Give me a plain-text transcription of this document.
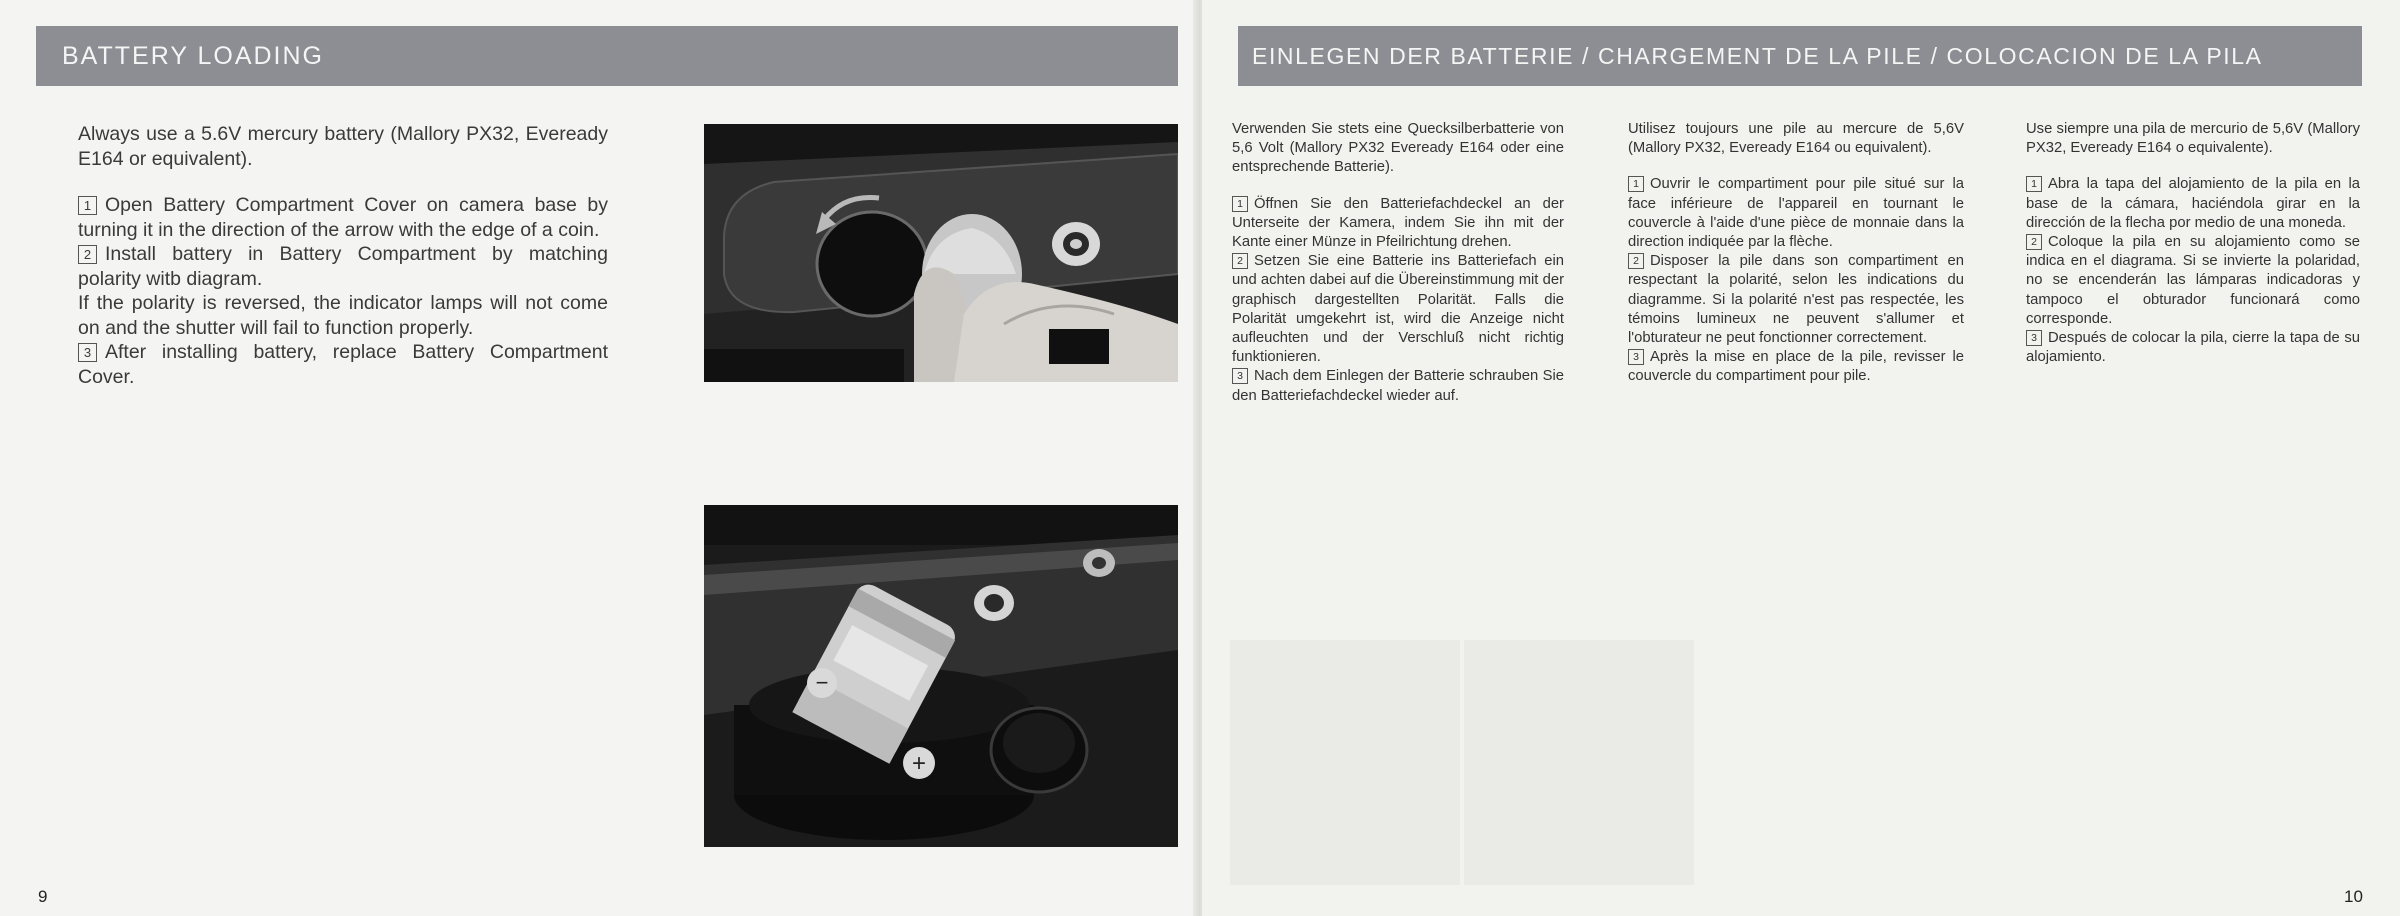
BATTERY LOADING

Always use a 5.6V mercury battery (Mallory PX32, Eveready E164 or equivalent).

1 Open Battery Compartment Cover on camera base by turning it in the direction of the arrow with the edge of a coin.
2 Install battery in Battery Compartment by matching polarity witb diagram.
If the polarity is reversed, the indicator lamps will not come on and the shutter will fail to function properly.
3 After installing battery, replace Battery Compartment Cover.
−
+
9
EINLEGEN DER BATTERIE / CHARGEMENT DE LA PILE / COLOCACION DE LA PILA

Verwenden Sie stets eine Quecksilberbatterie von 5,6 Volt (Mallory PX32 Eveready E164 oder eine entsprechende Batterie).

1 Öffnen Sie den Batteriefachdeckel an der Unterseite der Kamera, indem Sie ihn mit der Kante einer Münze in Pfeilrichtung drehen.
2 Setzen Sie eine Batterie ins Batteriefach ein und achten dabei auf die Übereinstimmung mit der graphisch dargestellten Polarität. Falls die Polarität umgekehrt ist, wird die Anzeige nicht aufleuchten und der Verschluß nicht richtig funktionieren.
3 Nach dem Einlegen der Batterie schrauben Sie den Batteriefachdeckel wieder auf.

Utilisez toujours une pile au mercure de 5,6V (Mallory PX32, Eveready E164 ou equivalent).

1 Ouvrir le compartiment pour pile situé sur la face inférieure de l'appareil en tournant le couvercle à l'aide d'une pièce de monnaie dans la direction indiquée par la flèche.
2 Disposer la pile dans son compartiment en respectant la polarité, selon les indications du diagramme. Si la polarité n'est pas respectée, les témoins lumineux ne peuvent s'allumer et l'obturateur ne peut fonctionner correctement.
3 Après la mise en place de la pile, revisser le couvercle du compartiment pour pile.

Use siempre una pila de mercurio de 5,6V (Mallory PX32, Eveready E164 o equivalente).

1 Abra la tapa del alojamiento de la pila en la base de la cámara, haciéndola girar en la dirección de la flecha por medio de una moneda.
2 Coloque la pila en su alojamiento como se indica en el diagrama. Si se invierte la polaridad, no se encenderán las lámparas indicadoras y tampoco el obturador funcionará como corresponde.
3 Después de colocar la pila, cierre la tapa de su alojamiento.
10
